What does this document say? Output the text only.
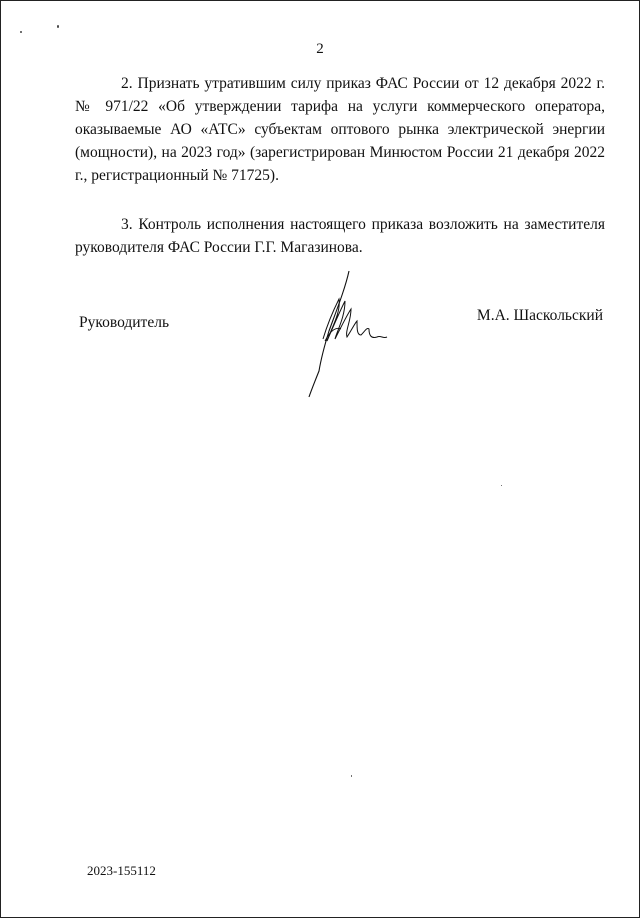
2

2. Признать утратившим силу приказ ФАС России от 12 декабря 2022 г. № 971/22 «Об утверждении тарифа на услуги коммерческого оператора, оказываемые АО «АТС» субъектам оптового рынка электрической энергии (мощности), на 2023 год» (зарегистрирован Минюстом России 21 декабря 2022 г., регистрационный № 71725).

3. Контроль исполнения настоящего приказа возложить на заместителя руководителя ФАС России Г.Г. Магазинова.

Руководитель	М.А. Шаскольский
2023-155112
